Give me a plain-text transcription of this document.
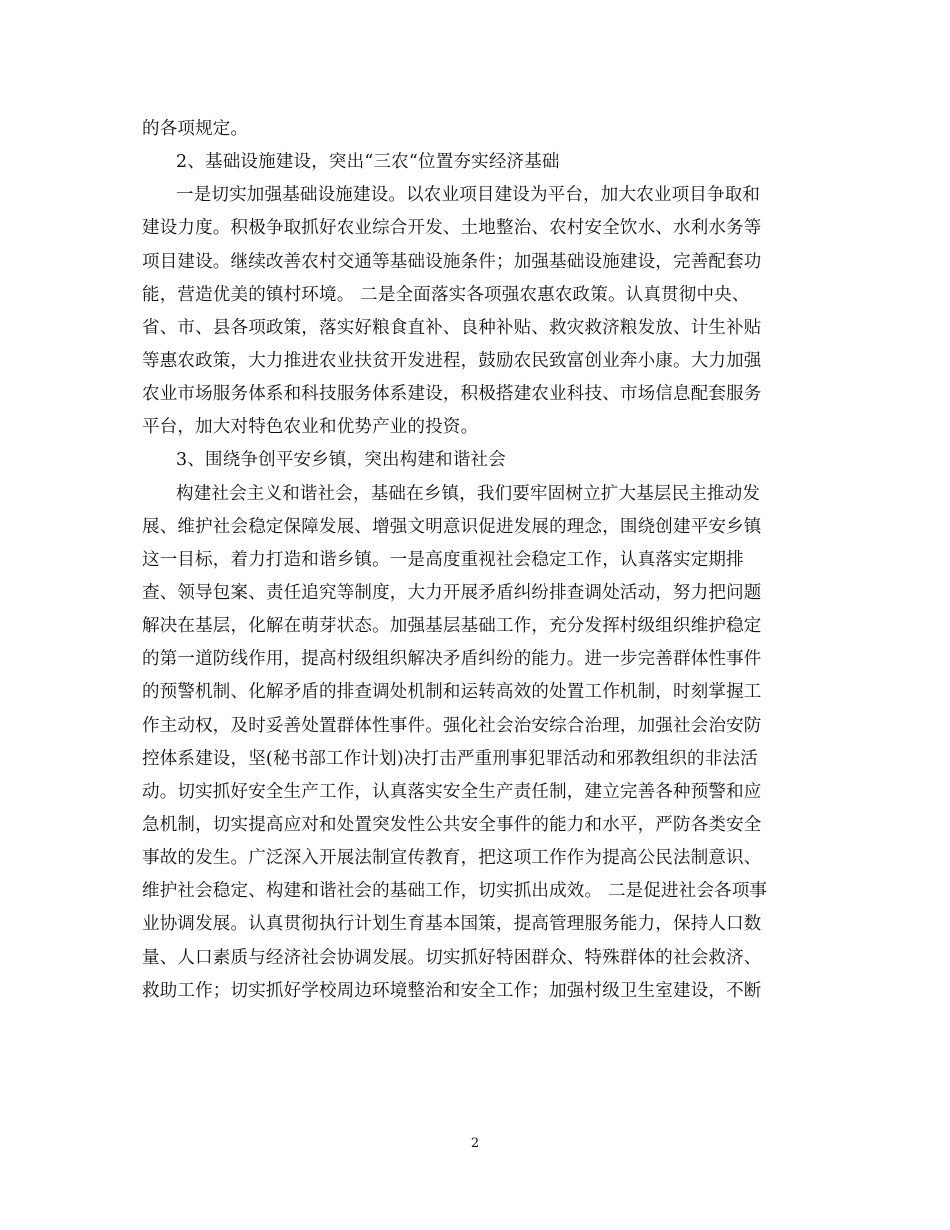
的各项规定。
2、基础设施建设，突出“三农“位置夯实经济基础
一是切实加强基础设施建设。以农业项目建设为平台，加大农业项目争取和
建设力度。积极争取抓好农业综合开发、土地整治、农村安全饮水、水利水务等
项目建设。继续改善农村交通等基础设施条件；加强基础设施建设，完善配套功
能，营造优美的镇村环境。 二是全面落实各项强农惠农政策。认真贯彻中央、
省、市、县各项政策，落实好粮食直补、良种补贴、救灾救济粮发放、计生补贴
等惠农政策，大力推进农业扶贫开发进程，鼓励农民致富创业奔小康。大力加强
农业市场服务体系和科技服务体系建设，积极搭建农业科技、市场信息配套服务
平台，加大对特色农业和优势产业的投资。
3、围绕争创平安乡镇，突出构建和谐社会
构建社会主义和谐社会，基础在乡镇，我们要牢固树立扩大基层民主推动发
展、维护社会稳定保障发展、增强文明意识促进发展的理念，围绕创建平安乡镇
这一目标，着力打造和谐乡镇。一是高度重视社会稳定工作，认真落实定期排
查、领导包案、责任追究等制度，大力开展矛盾纠纷排查调处活动，努力把问题
解决在基层，化解在萌芽状态。加强基层基础工作，充分发挥村级组织维护稳定
的第一道防线作用，提高村级组织解决矛盾纠纷的能力。进一步完善群体性事件
的预警机制、化解矛盾的排查调处机制和运转高效的处置工作机制，时刻掌握工
作主动权，及时妥善处置群体性事件。强化社会治安综合治理，加强社会治安防
控体系建设，坚(秘书部工作计划)决打击严重刑事犯罪活动和邪教组织的非法活
动。切实抓好安全生产工作，认真落实安全生产责任制，建立完善各种预警和应
急机制，切实提高应对和处置突发性公共安全事件的能力和水平，严防各类安全
事故的发生。广泛深入开展法制宣传教育，把这项工作作为提高公民法制意识、
维护社会稳定、构建和谐社会的基础工作，切实抓出成效。 二是促进社会各项事
业协调发展。认真贯彻执行计划生育基本国策，提高管理服务能力，保持人口数
量、人口素质与经济社会协调发展。切实抓好特困群众、特殊群体的社会救济、
救助工作；切实抓好学校周边环境整治和安全工作；加强村级卫生室建设，不断
2
